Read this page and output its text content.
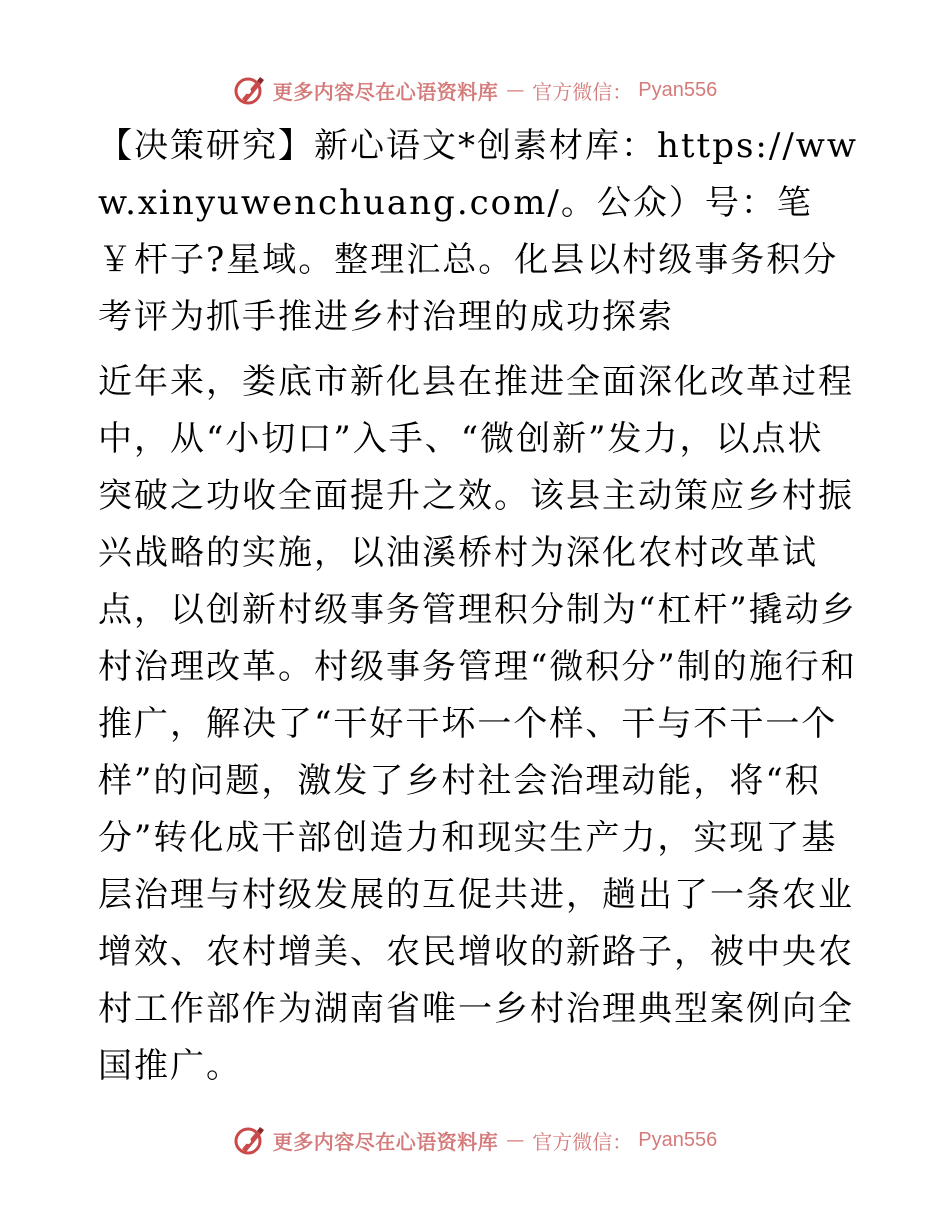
更多内容尽在心语资料库 — 官方微信： Pyan556

【决策研究】新心语文*创素材库：https://www.xinyuwenchuang.com/。公众）号：笔￥杆子?星域。整理汇总。化县以村级事务积分考评为抓手推进乡村治理的成功探索

近年来，娄底市新化县在推进全面深化改革过程中，从“小切口”入手、“微创新”发力，以点状突破之功收全面提升之效。该县主动策应乡村振兴战略的实施，以油溪桥村为深化农村改革试点，以创新村级事务管理积分制为“杠杆”撬动乡村治理改革。村级事务管理“微积分”制的施行和推广，解决了“干好干坏一个样、干与不干一个样”的问题，激发了乡村社会治理动能，将“积分”转化成干部创造力和现实生产力，实现了基层治理与村级发展的互促共进，趟出了一条农业增效、农村增美、农民增收的新路子，被中央农村工作部作为湖南省唯一乡村治理典型案例向全国推广。

更多内容尽在心语资料库 — 官方微信： Pyan556
